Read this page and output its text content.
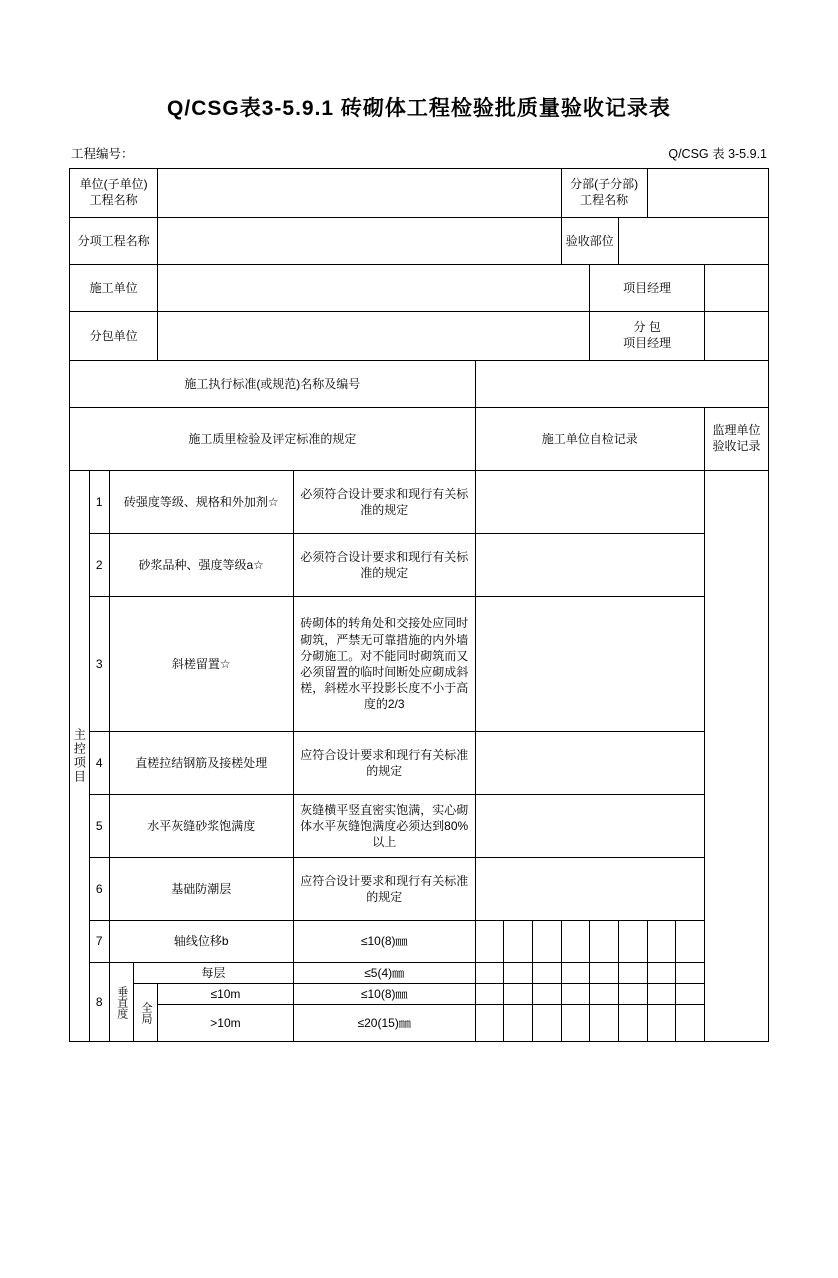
Q/CSG表3-5.9.1 砖砌体工程检验批质量验收记录表
工程编号：	Q/CSG 表 3-5.9.1
单位(子单位)
工程名称

分部(子分部)
工程名称

分项工程名称									验收部位					
施工单位										项目经理				
分包单位										分 包
项目经理				

施工执行标准(或规范)名称及编号														
施工质里检验及评定标准的规定						施工单位自检记录								监理单位
验收记录

主控项目	1	砖强度等级、规格和外加剂☆			必须符合设计要求和现行有关标准的规定									
	2	砂浆品种、强度等级a☆			必须符合设计要求和现行有关标准的规定									
	3	斜槎留置☆			砖砌体的转角处和交接处应同时砌筑，严禁无可靠措施的内外墙分砌施工。对不能同时砌筑而又必须留置的临时间断处应砌成斜槎，斜槎水平投影长度不小于高度的2/3									
	4	直槎拉结钢筋及接槎处理			应符合设计要求和现行有关标准的规定									
	5	水平灰缝砂浆饱满度			灰缝横平竖直密实饱满，实心砌体水平灰缝饱满度必须达到80%以上									
	6	基础防潮层			应符合设计要求和现行有关标准的规定									
	7	轴线位移b			≤10(8)㎜									
	8	垂直度	每层		≤5(4)㎜									

			全局	≤10m	≤10(8)㎜									
				>10m	≤20(15)㎜									
